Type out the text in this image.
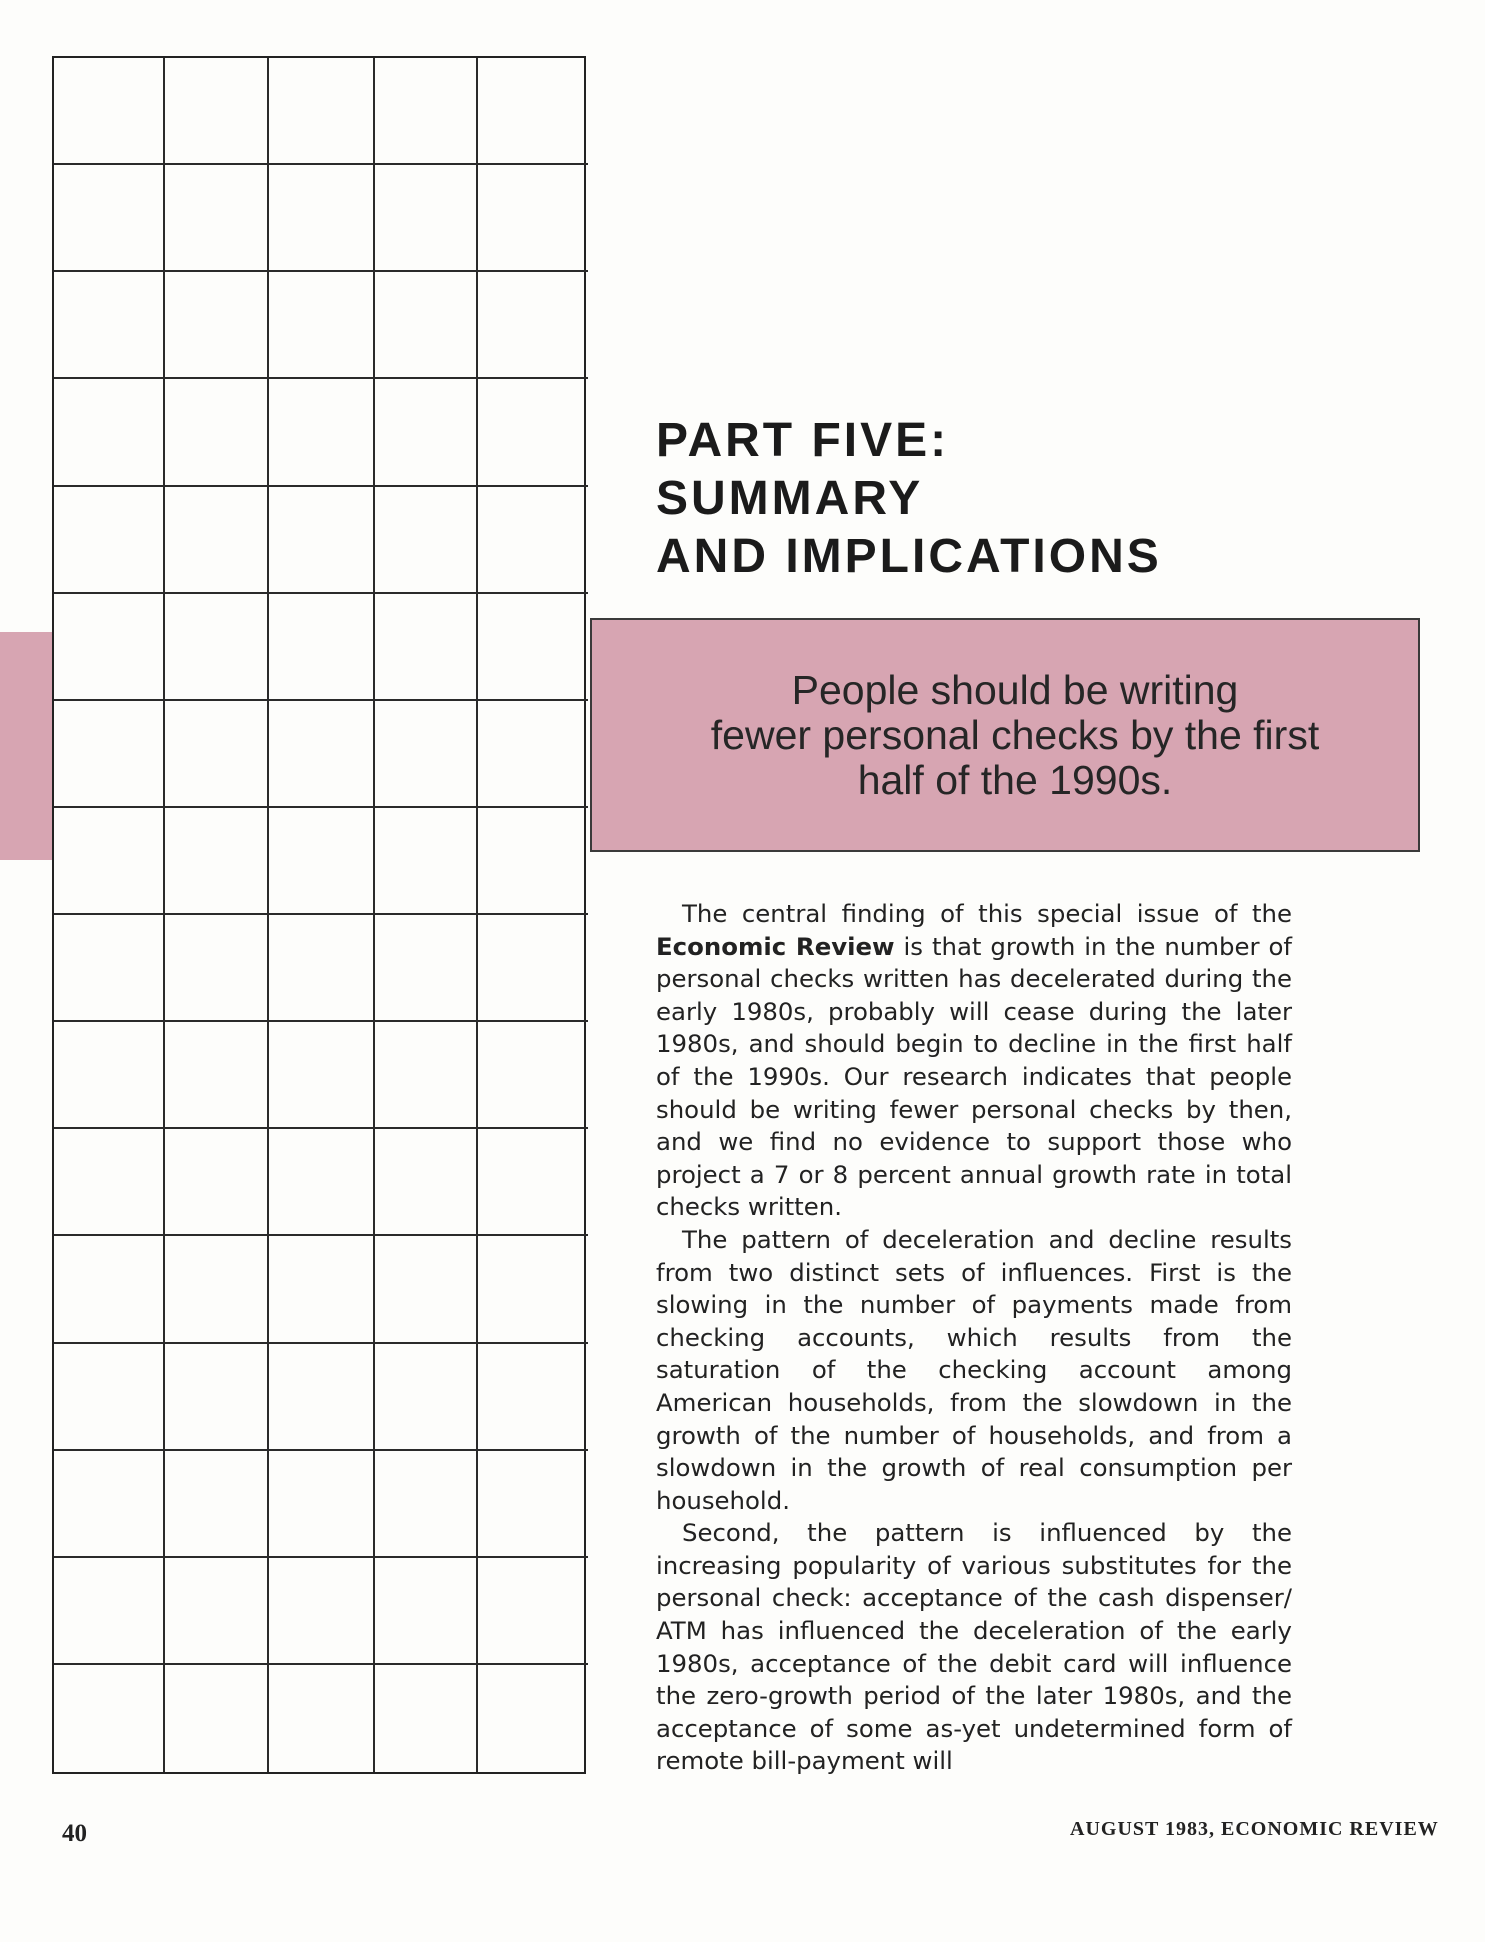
PART FIVE:
SUMMARY
AND IMPLICATIONS
People should be writing
fewer personal checks by the first
half of the 1990s.

The central finding of this special issue of the Economic Review is that growth in the number of personal checks written has decelerated during the early 1980s, probably will cease during the later 1980s, and should begin to decline in the first half of the 1990s. Our research indicates that people should be writing fewer personal checks by then, and we find no evidence to support those who project a 7 or 8 percent annual growth rate in total checks written.

The pattern of deceleration and decline results from two distinct sets of influences. First is the slowing in the number of payments made from checking accounts, which results from the saturation of the checking account among American households, from the slowdown in the growth of the number of households, and from a slowdown in the growth of real consumption per household.

Second, the pattern is influenced by the increasing popularity of various substitutes for the personal check: acceptance of the cash dispenser/ ATM has influenced the deceleration of the early 1980s, acceptance of the debit card will influence the zero-growth period of the later 1980s, and the acceptance of some as-yet undetermined form of remote bill-payment will

40	AUGUST 1983, ECONOMIC REVIEW
